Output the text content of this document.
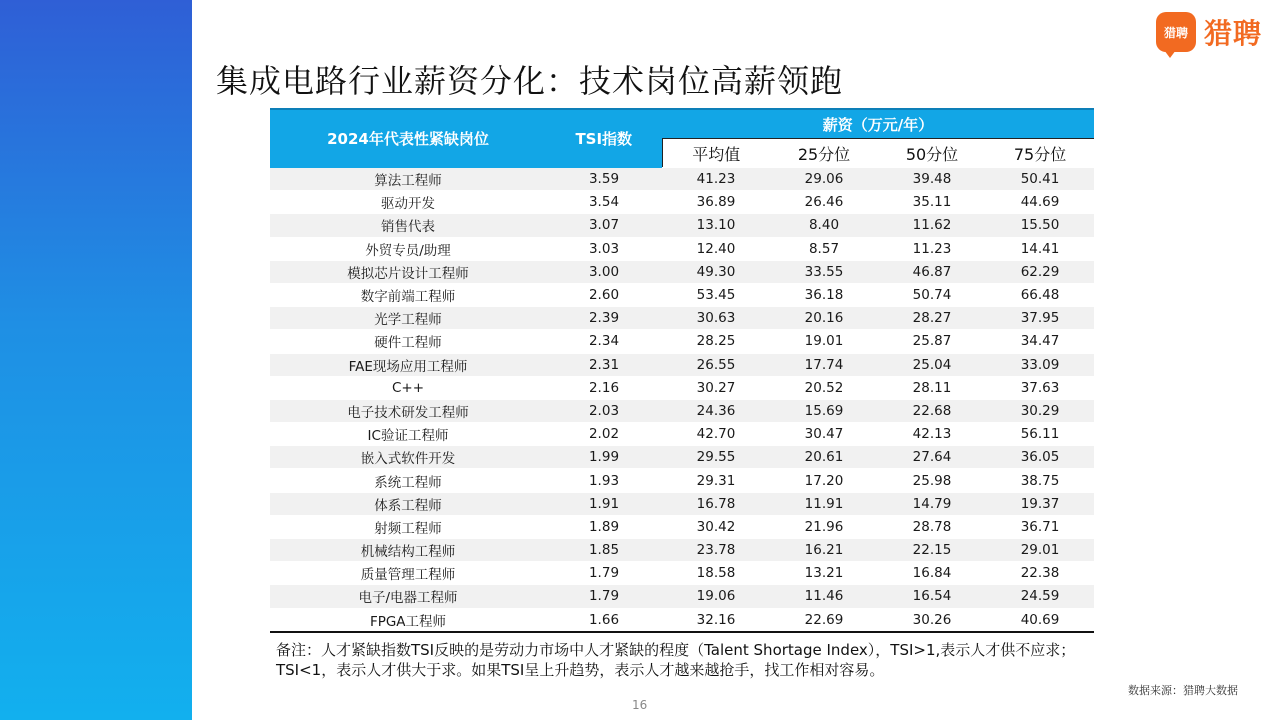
猎聘 猎聘
集成电路行业薪资分化：技术岗位高薪领跑
2024年代表性紧缺岗位	TSI指数	薪资（万元/年）			
		平均值	25分位	50分位	75分位
算法工程师	3.59	41.23	29.06	39.48	50.41
驱动开发	3.54	36.89	26.46	35.11	44.69
销售代表	3.07	13.10	8.40	11.62	15.50
外贸专员/助理	3.03	12.40	8.57	11.23	14.41
模拟芯片设计工程师	3.00	49.30	33.55	46.87	62.29
数字前端工程师	2.60	53.45	36.18	50.74	66.48
光学工程师	2.39	30.63	20.16	28.27	37.95
硬件工程师	2.34	28.25	19.01	25.87	34.47
FAE现场应用工程师	2.31	26.55	17.74	25.04	33.09
C++	2.16	30.27	20.52	28.11	37.63
电子技术研发工程师	2.03	24.36	15.69	22.68	30.29
IC验证工程师	2.02	42.70	30.47	42.13	56.11
嵌入式软件开发	1.99	29.55	20.61	27.64	36.05
系统工程师	1.93	29.31	17.20	25.98	38.75
体系工程师	1.91	16.78	11.91	14.79	19.37
射频工程师	1.89	30.42	21.96	28.78	36.71
机械结构工程师	1.85	23.78	16.21	22.15	29.01
质量管理工程师	1.79	18.58	13.21	16.84	22.38
电子/电器工程师	1.79	19.06	11.46	16.54	24.59
FPGA工程师	1.66	32.16	22.69	30.26	40.69
备注：人才紧缺指数TSI反映的是劳动力市场中人才紧缺的程度（Talent Shortage Index），TSI>1,表示人才供不应求；TSI<1，表示人才供大于求。如果TSI呈上升趋势，表示人才越来越抢手，找工作相对容易。
数据来源：猎聘大数据
16
